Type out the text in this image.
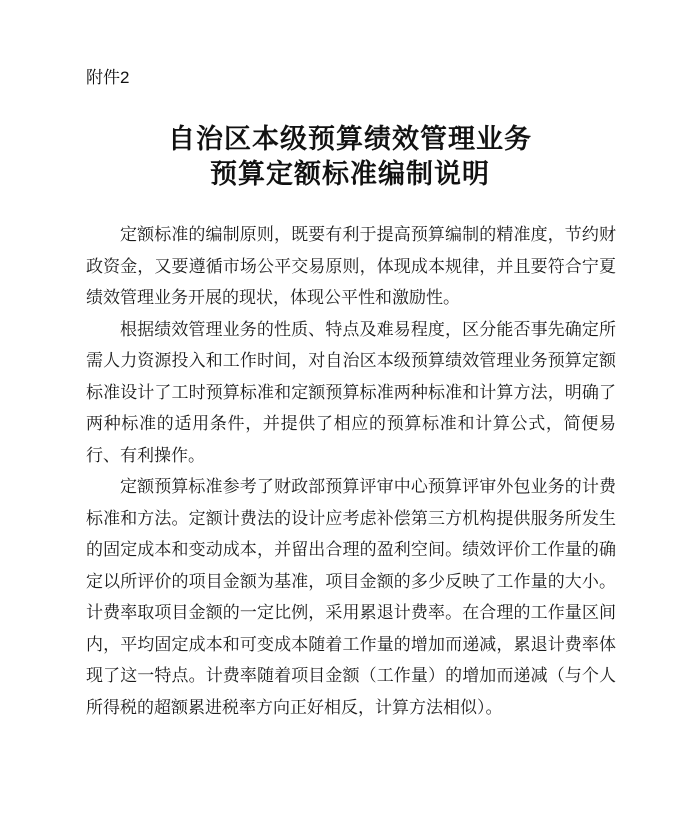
附件2
自治区本级预算绩效管理业务
预算定额标准编制说明

定额标准的编制原则，既要有利于提高预算编制的精准度，节约财政资金，又要遵循市场公平交易原则，体现成本规律，并且要符合宁夏绩效管理业务开展的现状，体现公平性和激励性。

根据绩效管理业务的性质、特点及难易程度，区分能否事先确定所需人力资源投入和工作时间，对自治区本级预算绩效管理业务预算定额标准设计了工时预算标准和定额预算标准两种标准和计算方法，明确了两种标准的适用条件，并提供了相应的预算标准和计算公式，简便易行、有利操作。

定额预算标准参考了财政部预算评审中心预算评审外包业务的计费标准和方法。定额计费法的设计应考虑补偿第三方机构提供服务所发生的固定成本和变动成本，并留出合理的盈利空间。绩效评价工作量的确定以所评价的项目金额为基准，项目金额的多少反映了工作量的大小。计费率取项目金额的一定比例，采用累退计费率。在合理的工作量区间内，平均固定成本和可变成本随着工作量的增加而递减，累退计费率体现了这一特点。计费率随着项目金额（工作量）的增加而递减（与个人所得税的超额累进税率方向正好相反，计算方法相似）。
